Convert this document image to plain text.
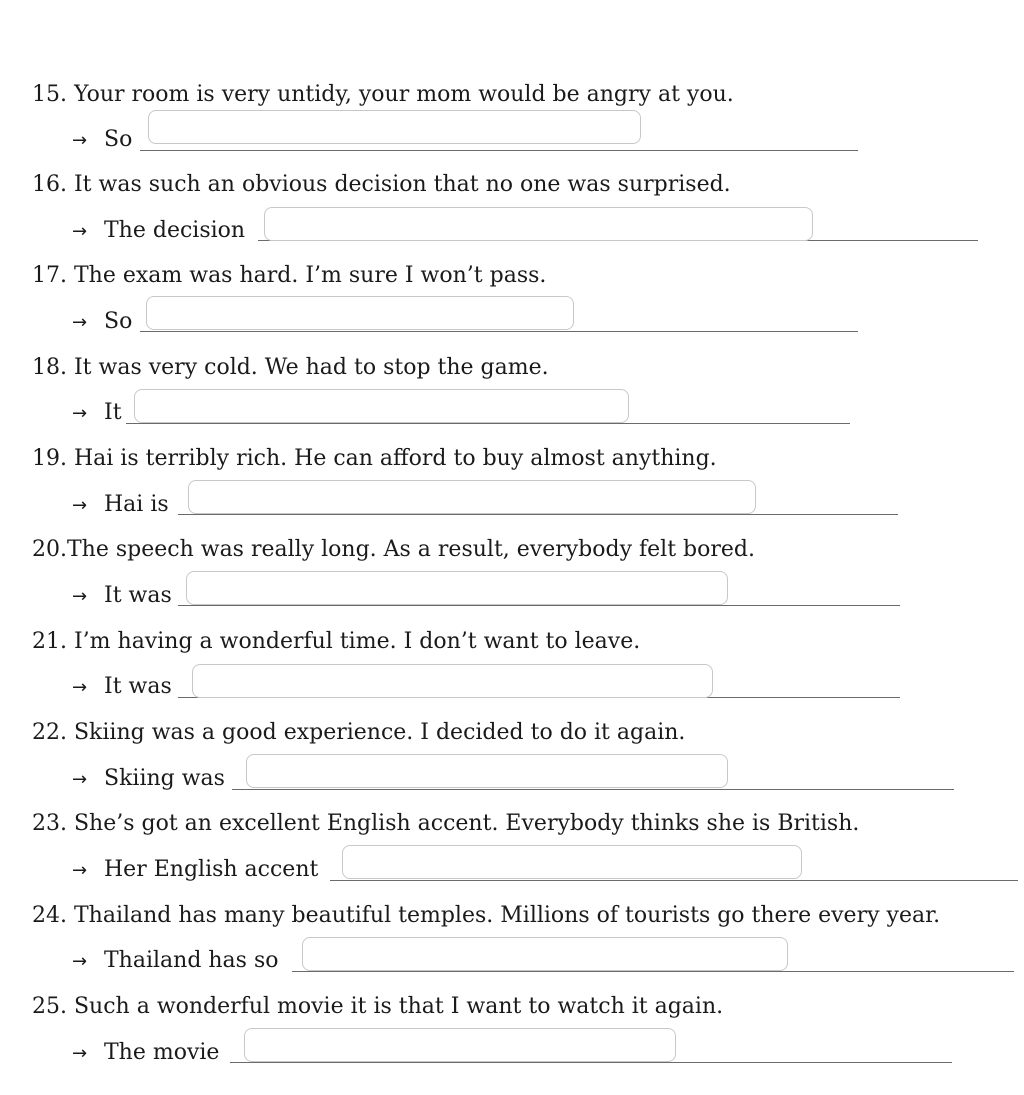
15. Your room is very untidy, your mom would be angry at you.
→ So
16. It was such an obvious decision that no one was surprised.
→ The decision
17. The exam was hard. I’m sure I won’t pass.
→ So
18. It was very cold. We had to stop the game.
→ It
19. Hai is terribly rich. He can afford to buy almost anything.
→ Hai is
20.The speech was really long. As a result, everybody felt bored.
→ It was
21. I’m having a wonderful time. I don’t want to leave.
→ It was
22. Skiing was a good experience. I decided to do it again.
→ Skiing was
23. She’s got an excellent English accent. Everybody thinks she is British.
→ Her English accent
24. Thailand has many beautiful temples. Millions of tourists go there every year.
→ Thailand has so
25. Such a wonderful movie it is that I want to watch it again.
→ The movie
